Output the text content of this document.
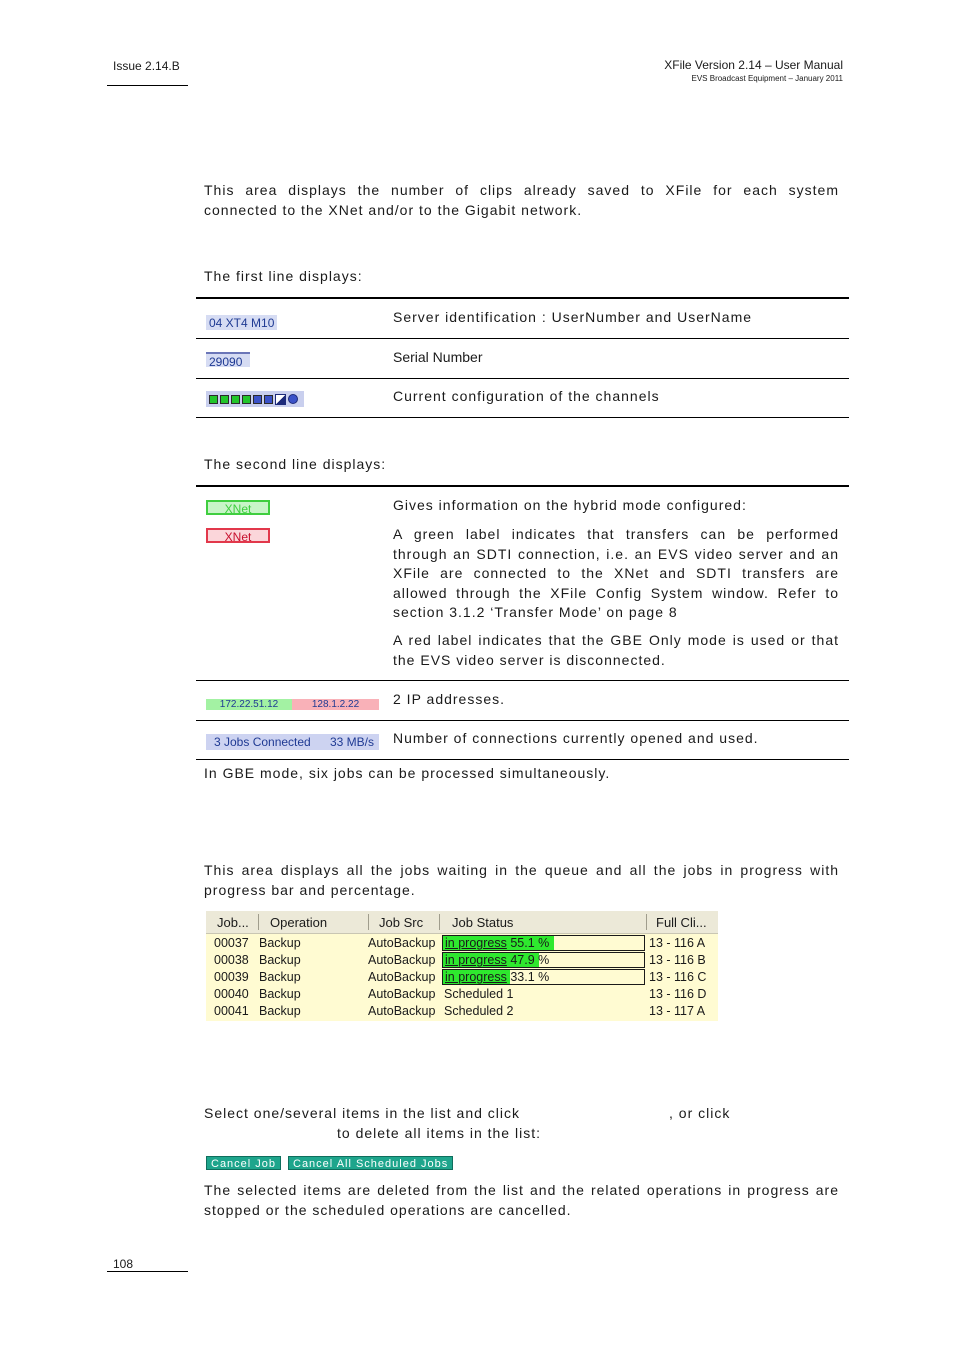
Issue 2.14.B	XFile Version 2.14 – User Manual
EVS Broadcast Equipment – January 2011
This area displays the number of clips already saved to XFile for each system connected to the XNet and/or to the Gigabit network.
The first line displays:
04 XT4 M10	Server identification : UserNumber and UserName
29090	Serial Number
Current configuration of the channels
The second line displays:
XNet
XNet
Gives information on the hybrid mode configured:
A green label indicates that transfers can be performed through an SDTI connection, i.e. an EVS video server and an XFile are connected to the XNet and SDTI transfers are allowed through the XFile Config System window. Refer to section 3.1.2 ‘Transfer Mode’ on page 8
A red label indicates that the GBE Only mode is used or that the EVS video server is disconnected.
172.22.51.12	128.1.2.22	2 IP addresses.
3 Jobs Connected 33 MB/s Number of connections currently opened and used.
In GBE mode, six jobs can be processed simultaneously.
This area displays all the jobs waiting in the queue and all the jobs in progress with progress bar and percentage.
Job... Operation	Job Src Job Status	Full Cli...
00037 Backup	AutoBackup in progress 55.1 %	13 - 116 A
00038 Backup	AutoBackup in progress 47.9 %	13 - 116 B
00039 Backup	AutoBackup in progress 33.1 %	13 - 116 C
00040 Backup	AutoBackup Scheduled 1	13 - 116 D
00041 Backup	AutoBackup Scheduled 2	13 - 117 A
Select one/several items in the list and click	, or click
to delete all items in the list:
Cancel Job	Cancel All Scheduled Jobs
The selected items are deleted from the list and the related operations in progress are stopped or the scheduled operations are cancelled.
108
